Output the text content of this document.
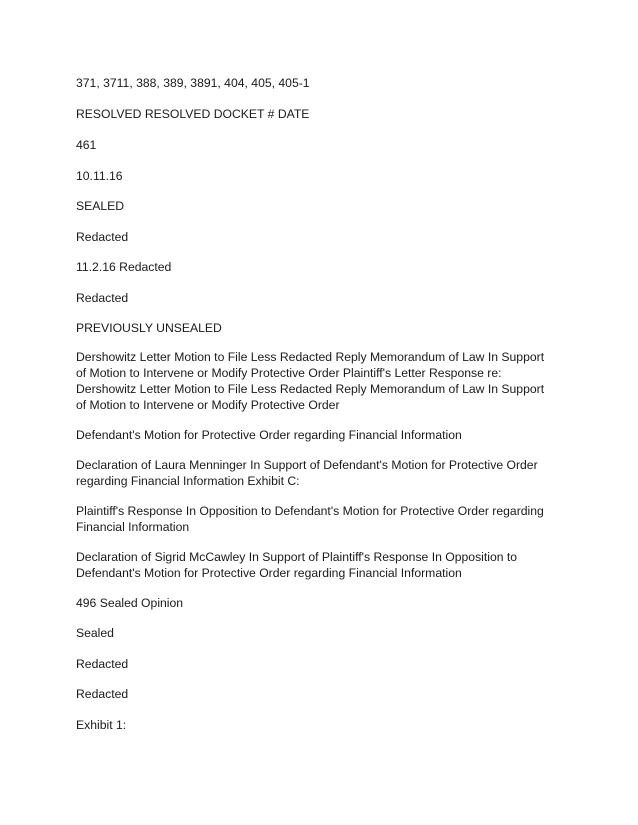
371, 3711, 388, 389, 3891, 404, 405, 405-1

RESOLVED RESOLVED DOCKET # DATE

461

10.11.16

SEALED

Redacted

11.2.16 Redacted

Redacted

PREVIOUSLY UNSEALED

Dershowitz Letter Motion to File Less Redacted Reply Memorandum of Law In Support of Motion to Intervene or Modify Protective Order Plaintiff's Letter Response re: Dershowitz Letter Motion to File Less Redacted Reply Memorandum of Law In Support of Motion to Intervene or Modify Protective Order

Defendant's Motion for Protective Order regarding Financial Information

Declaration of Laura Menninger In Support of Defendant's Motion for Protective Order regarding Financial Information Exhibit C:

Plaintiff's Response In Opposition to Defendant's Motion for Protective Order regarding Financial Information

Declaration of Sigrid McCawley In Support of Plaintiff's Response In Opposition to Defendant's Motion for Protective Order regarding Financial Information

496 Sealed Opinion

Sealed

Redacted

Redacted

Exhibit 1:
